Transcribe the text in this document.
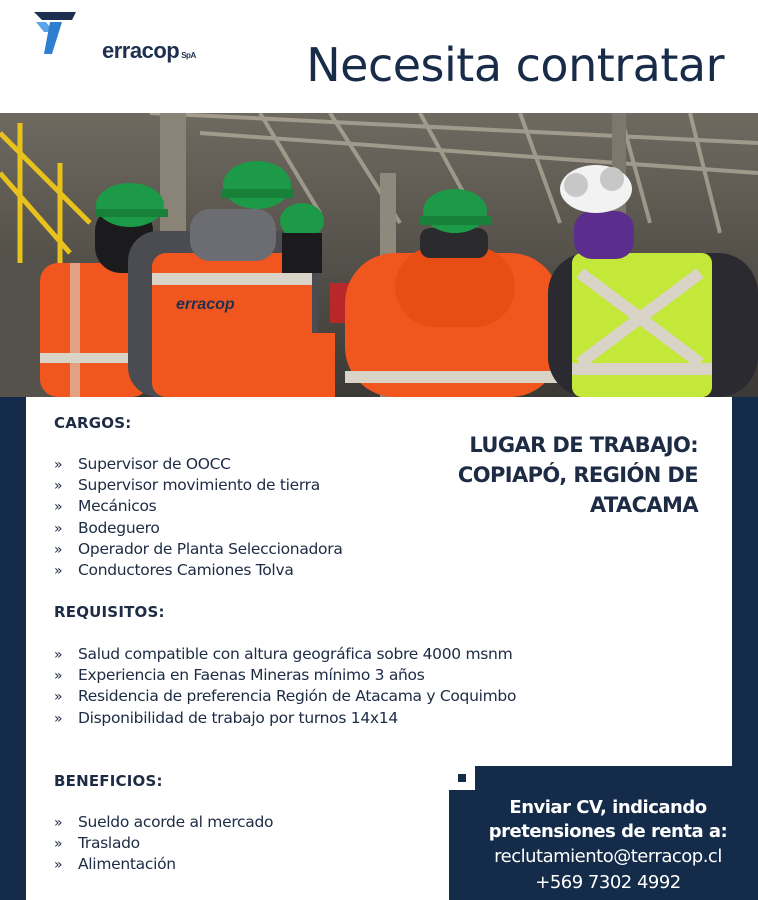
erracop SpA Necesita contratar
erracop
CARGOS:
» Supervisor de OOCC
» Supervisor movimiento de tierra
» Mecánicos
» Bodeguero
» Operador de Planta Seleccionadora
» Conductores Camiones Tolva
LUGAR DE TRABAJO:
COPIAPÓ, REGIÓN DE
ATACAMA
REQUISITOS:
» Salud compatible con altura geográfica sobre 4000 msnm
» Experiencia en Faenas Mineras mínimo 3 años
» Residencia de preferencia Región de Atacama y Coquimbo
» Disponibilidad de trabajo por turnos 14x14
BENEFICIOS:
» Sueldo acorde al mercado
» Traslado
» Alimentación
Enviar CV, indicando
pretensiones de renta a:
reclutamiento@terracop.cl
+569 7302 4992
